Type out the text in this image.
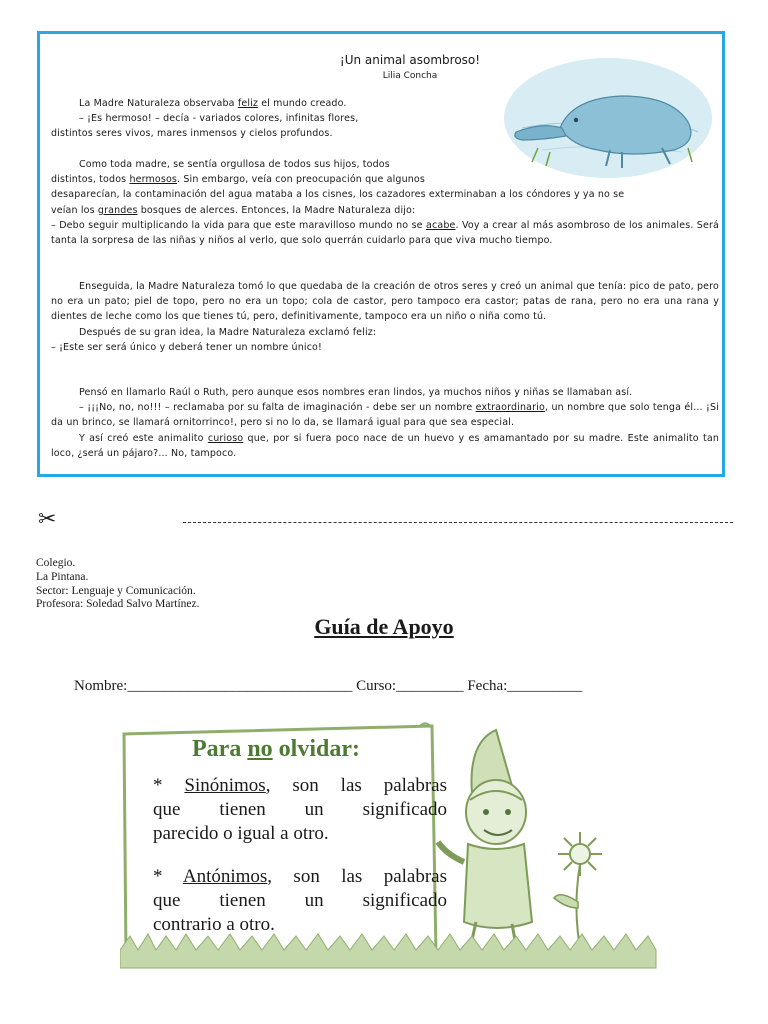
¡Un animal asombroso!
Lilia Concha

La Madre Naturaleza observaba feliz el mundo creado.

– ¡Es hermoso! – decía - variados colores, infinitas flores,

distintos seres vivos, mares inmensos y cielos profundos.

Como toda madre, se sentía orgullosa de todos sus hijos, todos

distintos, todos hermosos. Sin embargo, veía con preocupación que algunos

desaparecían, la contaminación del agua mataba a los cisnes, los cazadores exterminaban a los cóndores y ya no se

veían los grandes bosques de alerces. Entonces, la Madre Naturaleza dijo:

– Debo seguir multiplicando la vida para que este maravilloso mundo no se acabe. Voy a crear al más asombroso de los animales. Será tanta la sorpresa de las niñas y niños al verlo, que solo querrán cuidarlo para que viva mucho tiempo.

Enseguida, la Madre Naturaleza tomó lo que quedaba de la creación de otros seres y creó un animal que tenía: pico de pato, pero no era un pato; piel de topo, pero no era un topo; cola de castor, pero tampoco era castor; patas de rana, pero no era una rana y dientes de leche como los que tienes tú, pero, definitivamente, tampoco era un niño o niña como tú.

Después de su gran idea, la Madre Naturaleza exclamó feliz:

– ¡Este ser será único y deberá tener un nombre único!

Pensó en llamarlo Raúl o Ruth, pero aunque esos nombres eran lindos, ya muchos niños y niñas se llamaban así.

– ¡¡¡No, no, no!!! – reclamaba por su falta de imaginación - debe ser un nombre extraordinario, un nombre que solo tenga él... ¡Si da un brinco, se llamará ornitorrinco!, pero si no lo da, se llamará igual para que sea especial.

Y así creó este animalito curioso que, por si fuera poco nace de un huevo y es amamantado por su madre. Este animalito tan loco, ¿será un pájaro?... No, tampoco.

✂
Colegio.
La Pintana.
Sector: Lenguaje y Comunicación.
Profesora: Soledad Salvo Martínez.
Guía de Apoyo
Nombre:______________________________ Curso:_________ Fecha:__________
Para no olvidar:
* Sinónimos, son las palabras
que tienen un significado
parecido o igual a otro.
* Antónimos, son las palabras
que tienen un significado
contrario a otro.
